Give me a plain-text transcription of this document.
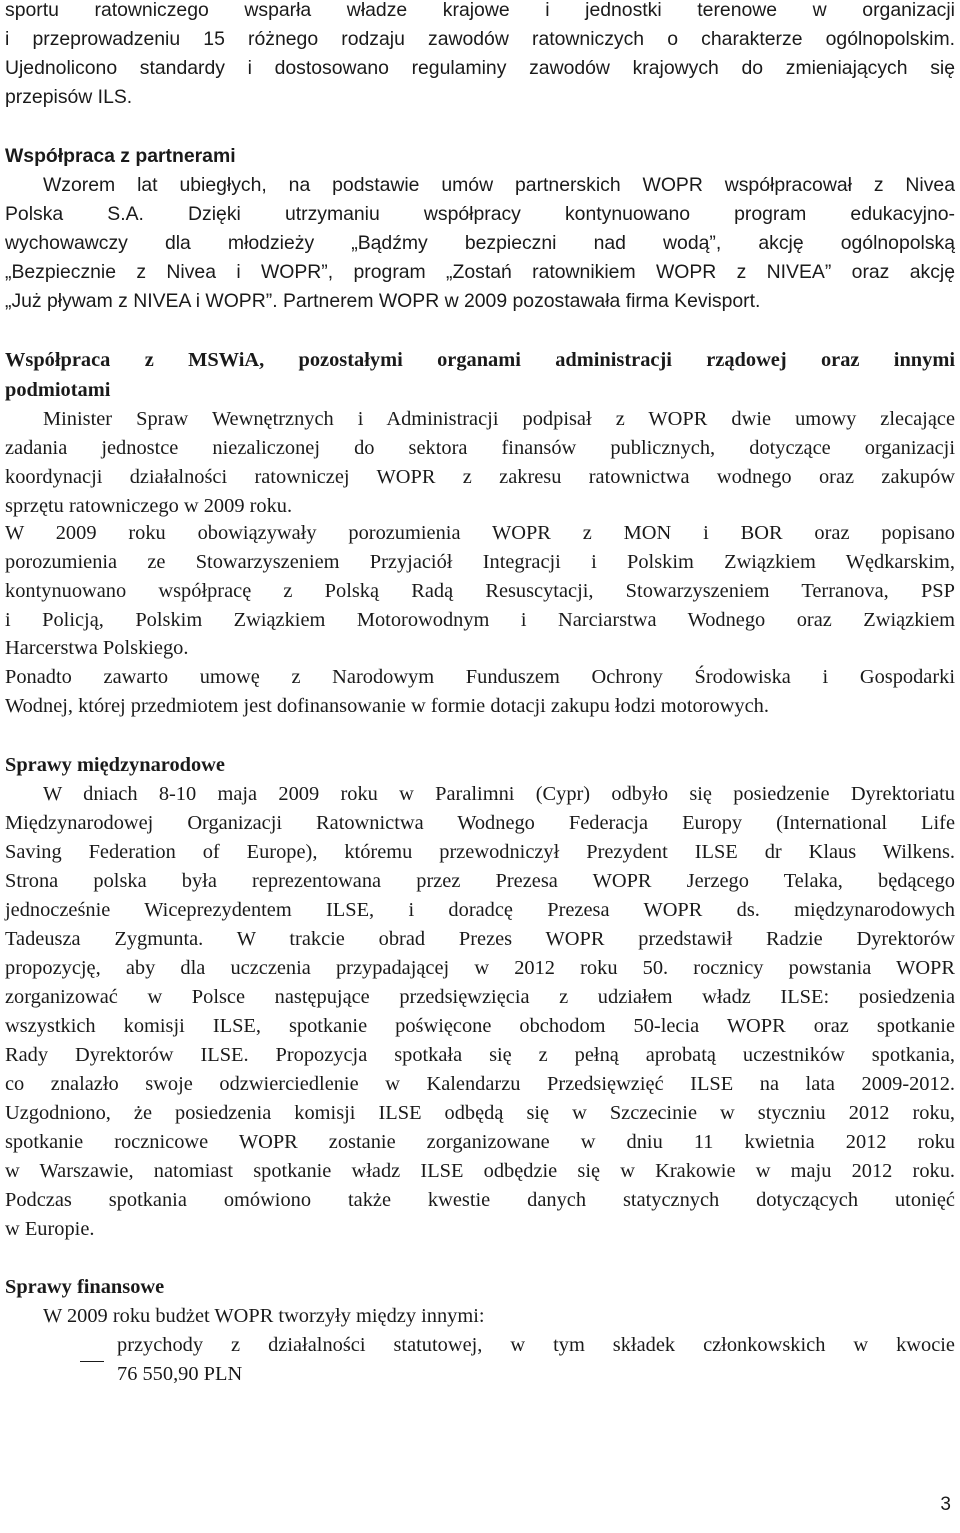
sportu ratowniczego wsparła władze krajowe i jednostki terenowe w organizacji
i przeprowadzeniu 15 różnego rodzaju zawodów ratowniczych o charakterze ogólnopolskim.
Ujednolicono standardy i dostosowano regulaminy zawodów krajowych do zmieniających się
przepisów ILS.
Współpraca z partnerami
Wzorem lat ubiegłych, na podstawie umów partnerskich WOPR współpracował z Nivea
Polska S.A. Dzięki utrzymaniu współpracy kontynuowano program edukacyjno-
wychowawczy dla młodzieży „Bądźmy bezpieczni nad wodą”, akcję ogólnopolską
„Bezpiecznie z Nivea i WOPR”, program „Zostań ratownikiem WOPR z NIVEA” oraz akcję
„Już pływam z NIVEA i WOPR”. Partnerem WOPR w 2009 pozostawała firma Kevisport.
Współpraca z MSWiA, pozostałymi organami administracji rządowej oraz innymi
podmiotami
Minister Spraw Wewnętrznych i Administracji podpisał z WOPR dwie umowy zlecające
zadania jednostce niezaliczonej do sektora finansów publicznych, dotyczące organizacji
koordynacji działalności ratowniczej WOPR z zakresu ratownictwa wodnego oraz zakupów
sprzętu ratowniczego w 2009 roku.
W 2009 roku obowiązywały porozumienia WOPR z MON i BOR oraz popisano
porozumienia ze Stowarzyszeniem Przyjaciół Integracji i Polskim Związkiem Wędkarskim,
kontynuowano współpracę z Polską Radą Resuscytacji, Stowarzyszeniem Terranova, PSP
i Policją, Polskim Związkiem Motorowodnym i Narciarstwa Wodnego oraz Związkiem
Harcerstwa Polskiego.
Ponadto zawarto umowę z Narodowym Funduszem Ochrony Środowiska i Gospodarki
Wodnej, której przedmiotem jest dofinansowanie w formie dotacji zakupu łodzi motorowych.
Sprawy międzynarodowe
W dniach 8-10 maja 2009 roku w Paralimni (Cypr) odbyło się posiedzenie Dyrektoriatu
Międzynarodowej Organizacji Ratownictwa Wodnego Federacja Europy (International Life
Saving Federation of Europe), któremu przewodniczył Prezydent ILSE dr Klaus Wilkens.
Strona polska była reprezentowana przez Prezesa WOPR Jerzego Telaka, będącego
jednocześnie Wiceprezydentem ILSE, i doradcę Prezesa WOPR ds. międzynarodowych
Tadeusza Zygmunta. W trakcie obrad Prezes WOPR przedstawił Radzie Dyrektorów
propozycję, aby dla uczczenia przypadającej w 2012 roku 50. rocznicy powstania WOPR
zorganizować w Polsce następujące przedsięwzięcia z udziałem władz ILSE: posiedzenia
wszystkich komisji ILSE, spotkanie poświęcone obchodom 50-lecia WOPR oraz spotkanie
Rady Dyrektorów ILSE. Propozycja spotkała się z pełną aprobatą uczestników spotkania,
co znalazło swoje odzwierciedlenie w Kalendarzu Przedsięwzięć ILSE na lata 2009-2012.
Uzgodniono, że posiedzenia komisji ILSE odbędą się w Szczecinie w styczniu 2012 roku,
spotkanie rocznicowe WOPR zostanie zorganizowane w dniu 11 kwietnia 2012 roku
w Warszawie, natomiast spotkanie władz ILSE odbędzie się w Krakowie w maju 2012 roku.
Podczas spotkania omówiono także kwestie danych statycznych dotyczących utonięć
w Europie.
Sprawy finansowe
W 2009 roku budżet WOPR tworzyły między innymi:
przychody z działalności statutowej, w tym składek członkowskich w kwocie
76 550,90 PLN
3
